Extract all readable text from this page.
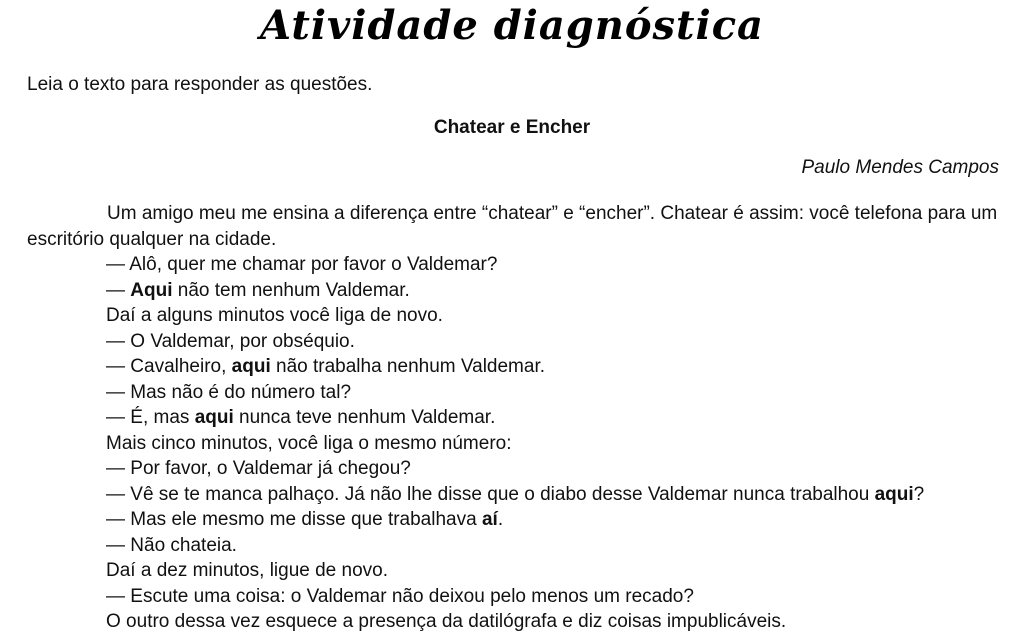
Atividade diagnóstica
Leia o texto para responder as questões.
Chatear e Encher
Paulo Mendes Campos
Um amigo meu me ensina a diferença entre “chatear” e “encher”. Chatear é assim: você telefona para um escritório qualquer na cidade.
— Alô, quer me chamar por favor o Valdemar?
— Aqui não tem nenhum Valdemar.
Daí a alguns minutos você liga de novo.
— O Valdemar, por obséquio.
— Cavalheiro, aqui não trabalha nenhum Valdemar.
— Mas não é do número tal?
— É, mas aqui nunca teve nenhum Valdemar.
Mais cinco minutos, você liga o mesmo número:
— Por favor, o Valdemar já chegou?
— Vê se te manca palhaço. Já não lhe disse que o diabo desse Valdemar nunca trabalhou aqui?
— Mas ele mesmo me disse que trabalhava aí.
— Não chateia.
Daí a dez minutos, ligue de novo.
— Escute uma coisa: o Valdemar não deixou pelo menos um recado?
O outro dessa vez esquece a presença da datilógrafa e diz coisas impublicáveis.
